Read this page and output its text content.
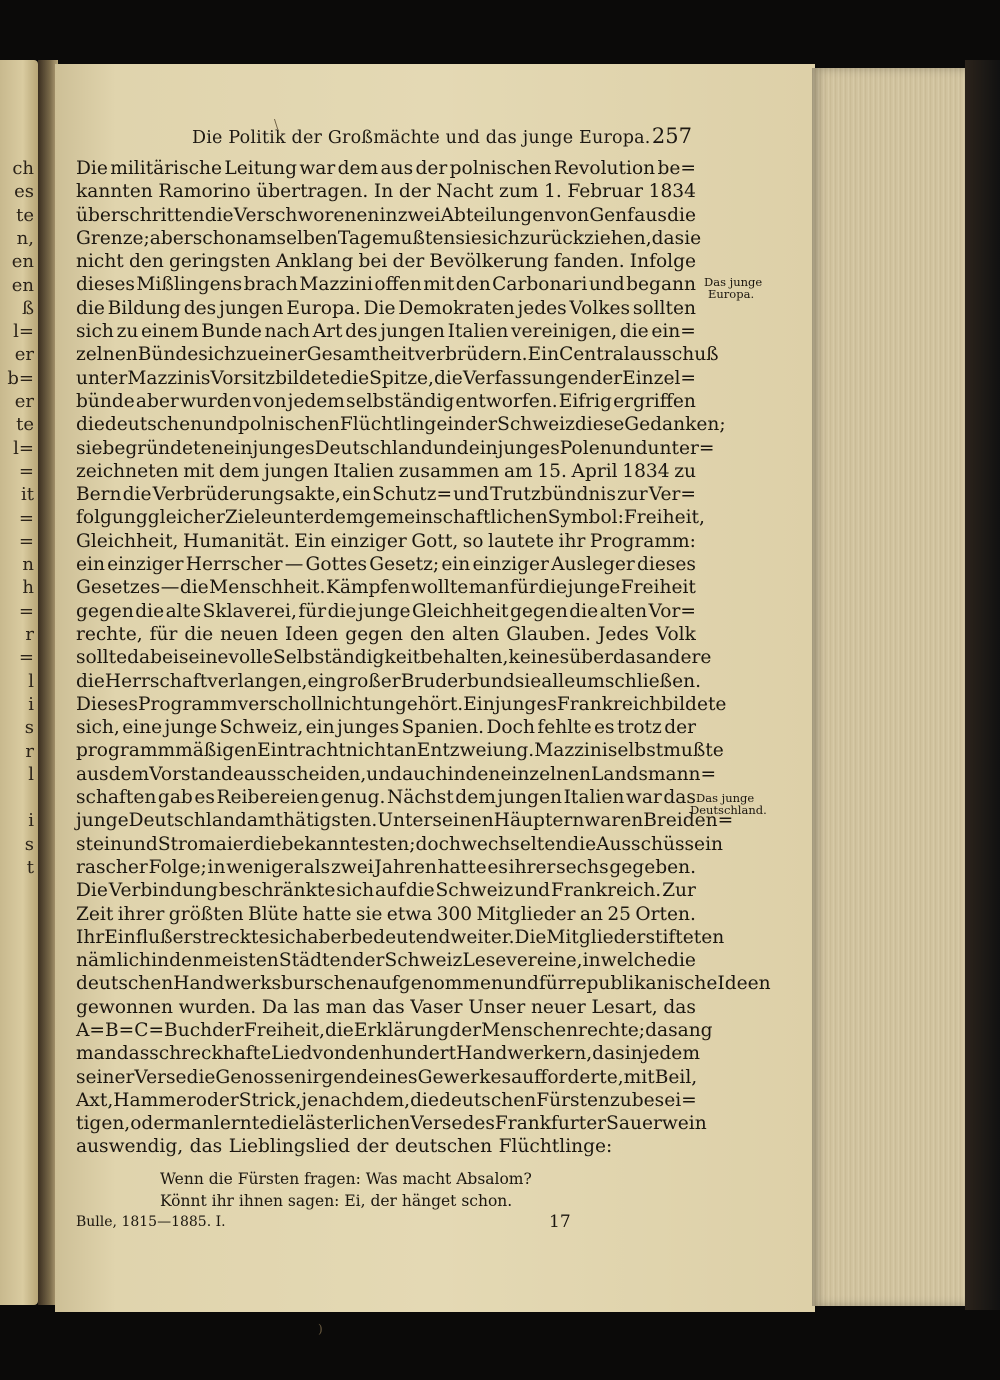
ch
es
te
n,
en
en
ß
l=
er
b=
er
te
l=
=
it
=
=
n
h
=
r
=
l
i
s
r
l
i
s
t
\
Die Politik der Großmächte und das junge Europa. 257
Die militärische Leitung war dem aus der polnischen Revolution be=
kannten Ramorino übertragen. In der Nacht zum 1. Februar 1834
überschritten die Verschworenen in zwei Abteilungen von Genf aus die
Grenze; aber schon am selben Tage mußten sie sich zurückziehen, da sie
nicht den geringsten Anklang bei der Bevölkerung fanden. Infolge
dieses Mißlingens brach Mazzini offen mit den Carbonari und begann
die Bildung des jungen Europa. Die Demokraten jedes Volkes sollten
sich zu einem Bunde nach Art des jungen Italien vereinigen, die ein=
zelnen Bünde sich zu einer Gesamtheit verbrüdern. Ein Centralausschuß
unter Mazzinis Vorsitz bildete die Spitze, die Verfassungen der Einzel=
bünde aber wurden von jedem selbständig entworfen. Eifrig ergriffen
die deutschen und polnischen Flüchtlinge in der Schweiz diese Gedanken;
sie begründeten ein junges Deutschland und ein junges Polen und unter=
zeichneten mit dem jungen Italien zusammen am 15. April 1834 zu
Bern die Verbrüderungsakte, ein Schutz= und Trutzbündnis zur Ver=
folgung gleicher Ziele unter dem gemeinschaftlichen Symbol: Freiheit,
Gleichheit, Humanität. Ein einziger Gott, so lautete ihr Programm:
ein einziger Herrscher — Gottes Gesetz; ein einziger Ausleger dieses
Gesetzes — die Menschheit. Kämpfen wollte man für die junge Freiheit
gegen die alte Sklaverei, für die junge Gleichheit gegen die alten Vor=
rechte, für die neuen Ideen gegen den alten Glauben. Jedes Volk
sollte dabei seine volle Selbständigkeit behalten, keines über das andere
die Herrschaft verlangen, ein großer Bruderbund sie alle umschließen.
Dieses Programm verscholl nicht ungehört. Ein junges Frankreich bildete
sich, eine junge Schweiz, ein junges Spanien. Doch fehlte es trotz der
programmmäßigen Eintracht nicht an Entzweiung. Mazzini selbst mußte
aus dem Vorstande ausscheiden, und auch in den einzelnen Landsmann=
schaften gab es Reibereien genug. Nächst dem jungen Italien war das
junge Deutschland am thätigsten. Unter seinen Häuptern waren Breiden=
stein und Stromaier die bekanntesten; doch wechselten die Ausschüsse in
rascher Folge; in weniger als zwei Jahren hatte es ihrer sechs gegeben.
Die Verbindung beschränkte sich auf die Schweiz und Frankreich. Zur
Zeit ihrer größten Blüte hatte sie etwa 300 Mitglieder an 25 Orten.
Ihr Einfluß erstreckte sich aber bedeutend weiter. Die Mitglieder stifteten
nämlich in den meisten Städten der Schweiz Lesevereine, in welche die
deutschen Handwerksburschen aufgenommen und für republikanische Ideen
gewonnen wurden. Da las man das Vaser Unser neuer Lesart, das
A=B=C=Buch der Freiheit, die Erklärung der Menschenrechte; da sang
man das schreckhafte Lied von den hundert Handwerkern, das in jedem
seiner Verse die Genossen irgend eines Gewerkes aufforderte, mit Beil,
Axt, Hammer oder Strick, je nachdem, die deutschen Fürsten zu besei=
tigen, oder man lernte die lästerlichen Verse des Frankfurter Sauerwein
auswendig, das Lieblingslied der deutschen Flüchtlinge:
Das junge
Europa.
Das junge
Deutschland.
Wenn die Fürsten fragen: Was macht Absalom?
Könnt ihr ihnen sagen: Ei, der hänget schon.
Bulle, 1815—1885. I.	17
)
